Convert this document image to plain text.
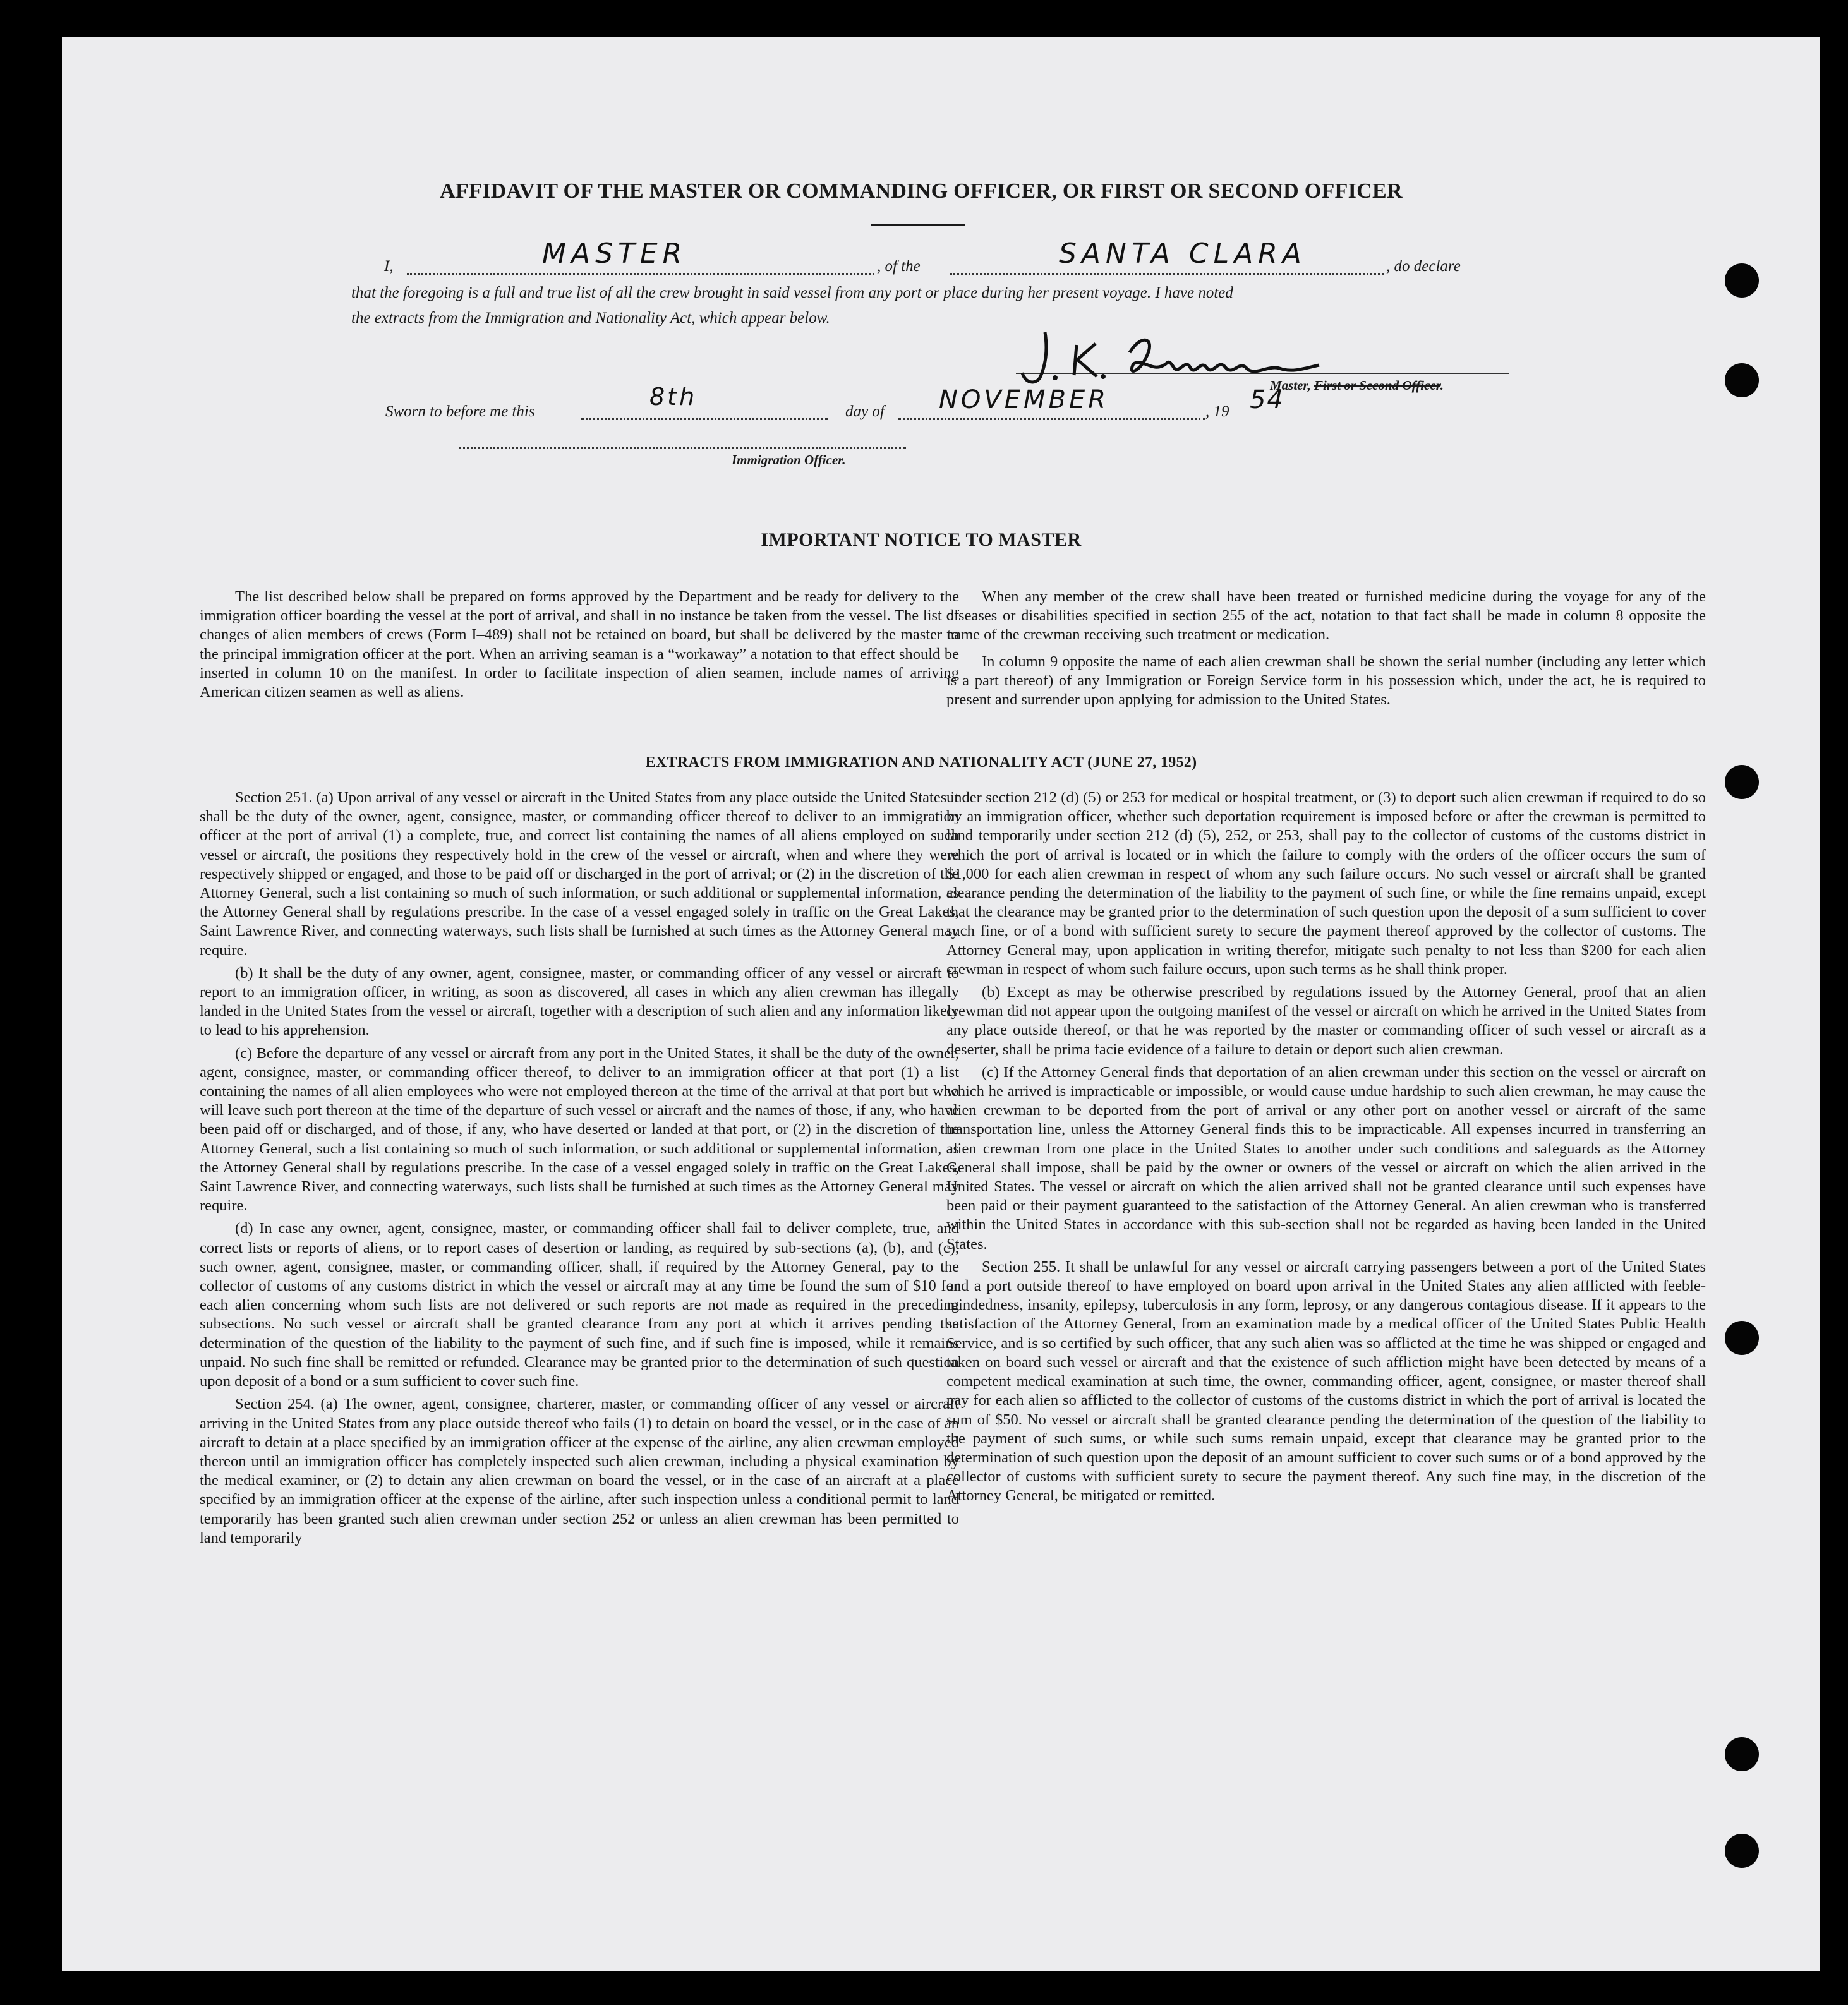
AFFIDAVIT OF THE MASTER OR COMMANDING OFFICER, OR FIRST OR SECOND OFFICER
I,	MASTER	, of the	SANTA CLARA	, do declare
that the foregoing is a full and true list of all the crew brought in said vessel from any port or place during her present voyage. I have noted
the extracts from the Immigration and Nationality Act, which appear below.
Master, First or Second Officer.
Sworn to before me this
8th
day of NOVEMBER	, 19 54
Immigration Officer.
IMPORTANT NOTICE TO MASTER

The list described below shall be prepared on forms approved by the Department and be ready for delivery to the immigration officer boarding the vessel at the port of arrival, and shall in no instance be taken from the vessel. The list of changes of alien members of crews (Form I–489) shall not be retained on board, but shall be delivered by the master to the principal immigration officer at the port. When an arriving seaman is a “workaway” a notation to that effect should be inserted in column 10 on the manifest. In order to facilitate inspection of alien seamen, include names of arriving American citizen seamen as well as aliens.

When any member of the crew shall have been treated or furnished medicine during the voyage for any of the diseases or disabilities specified in section 255 of the act, notation to that fact shall be made in column 8 opposite the name of the crewman receiving such treatment or medication.

In column 9 opposite the name of each alien crewman shall be shown the serial number (including any letter which is a part thereof) of any Immigration or Foreign Service form in his possession which, under the act, he is required to present and surrender upon applying for admission to the United States.

EXTRACTS FROM IMMIGRATION AND NATIONALITY ACT (JUNE 27, 1952)

Section 251. (a) Upon arrival of any vessel or aircraft in the United States from any place outside the United States it shall be the duty of the owner, agent, consignee, master, or commanding officer thereof to deliver to an immigration officer at the port of arrival (1) a complete, true, and correct list containing the names of all aliens employed on such vessel or aircraft, the positions they respectively hold in the crew of the vessel or aircraft, when and where they were respectively shipped or engaged, and those to be paid off or discharged in the port of arrival; or (2) in the discretion of the Attorney General, such a list containing so much of such information, or such additional or supplemental information, as the Attorney General shall by regulations prescribe. In the case of a vessel engaged solely in traffic on the Great Lakes, Saint Lawrence River, and connecting waterways, such lists shall be furnished at such times as the Attorney General may require.

(b) It shall be the duty of any owner, agent, consignee, master, or commanding officer of any vessel or aircraft to report to an immigration officer, in writing, as soon as discovered, all cases in which any alien crewman has illegally landed in the United States from the vessel or aircraft, together with a description of such alien and any information likely to lead to his apprehension.

(c) Before the departure of any vessel or aircraft from any port in the United States, it shall be the duty of the owner, agent, consignee, master, or commanding officer thereof, to deliver to an immigration officer at that port (1) a list containing the names of all alien employees who were not employed thereon at the time of the arrival at that port but who will leave such port thereon at the time of the departure of such vessel or aircraft and the names of those, if any, who have been paid off or discharged, and of those, if any, who have deserted or landed at that port, or (2) in the discretion of the Attorney General, such a list containing so much of such information, or such additional or supplemental information, as the Attorney General shall by regulations prescribe. In the case of a vessel engaged solely in traffic on the Great Lakes, Saint Lawrence River, and connecting waterways, such lists shall be furnished at such times as the Attorney General may require.

(d) In case any owner, agent, consignee, master, or commanding officer shall fail to deliver complete, true, and correct lists or reports of aliens, or to report cases of desertion or landing, as required by sub-sections (a), (b), and (c), such owner, agent, consignee, master, or commanding officer, shall, if required by the Attorney General, pay to the collector of customs of any customs district in which the vessel or aircraft may at any time be found the sum of $10 for each alien concerning whom such lists are not delivered or such reports are not made as required in the preceding subsections. No such vessel or aircraft shall be granted clearance from any port at which it arrives pending the determination of the question of the liability to the payment of such fine, and if such fine is imposed, while it remains unpaid. No such fine shall be remitted or refunded. Clearance may be granted prior to the determination of such question upon deposit of a bond or a sum sufficient to cover such fine.

Section 254. (a) The owner, agent, consignee, charterer, master, or commanding officer of any vessel or aircraft arriving in the United States from any place outside thereof who fails (1) to detain on board the vessel, or in the case of an aircraft to detain at a place specified by an immigration officer at the expense of the airline, any alien crewman employed thereon until an immigration officer has completely inspected such alien crewman, including a physical examination by the medical examiner, or (2) to detain any alien crewman on board the vessel, or in the case of an aircraft at a place specified by an immigration officer at the expense of the airline, after such inspection unless a conditional permit to land temporarily has been granted such alien crewman under section 252 or unless an alien crewman has been permitted to land temporarily

under section 212 (d) (5) or 253 for medical or hospital treatment, or (3) to deport such alien crewman if required to do so by an immigration officer, whether such deportation requirement is imposed before or after the crewman is permitted to land temporarily under section 212 (d) (5), 252, or 253, shall pay to the collector of customs of the customs district in which the port of arrival is located or in which the failure to comply with the orders of the officer occurs the sum of $1,000 for each alien crewman in respect of whom any such failure occurs. No such vessel or aircraft shall be granted clearance pending the determination of the liability to the payment of such fine, or while the fine remains unpaid, except that the clearance may be granted prior to the determination of such question upon the deposit of a sum sufficient to cover such fine, or of a bond with sufficient surety to secure the payment thereof approved by the collector of customs. The Attorney General may, upon application in writing therefor, mitigate such penalty to not less than $200 for each alien crewman in respect of whom such failure occurs, upon such terms as he shall think proper.

(b) Except as may be otherwise prescribed by regulations issued by the Attorney General, proof that an alien crewman did not appear upon the outgoing manifest of the vessel or aircraft on which he arrived in the United States from any place outside thereof, or that he was reported by the master or commanding officer of such vessel or aircraft as a deserter, shall be prima facie evidence of a failure to detain or deport such alien crewman.

(c) If the Attorney General finds that deportation of an alien crewman under this section on the vessel or aircraft on which he arrived is impracticable or impossible, or would cause undue hardship to such alien crewman, he may cause the alien crewman to be deported from the port of arrival or any other port on another vessel or aircraft of the same transportation line, unless the Attorney General finds this to be impracticable. All expenses incurred in transferring an alien crewman from one place in the United States to another under such conditions and safeguards as the Attorney General shall impose, shall be paid by the owner or owners of the vessel or aircraft on which the alien arrived in the United States. The vessel or aircraft on which the alien arrived shall not be granted clearance until such expenses have been paid or their payment guaranteed to the satisfaction of the Attorney General. An alien crewman who is transferred within the United States in accordance with this sub-section shall not be regarded as having been landed in the United States.

Section 255. It shall be unlawful for any vessel or aircraft carrying passengers between a port of the United States and a port outside thereof to have employed on board upon arrival in the United States any alien afflicted with feeble-mindedness, insanity, epilepsy, tuberculosis in any form, leprosy, or any dangerous contagious disease. If it appears to the satisfaction of the Attorney General, from an examination made by a medical officer of the United States Public Health Service, and is so certified by such officer, that any such alien was so afflicted at the time he was shipped or engaged and taken on board such vessel or aircraft and that the existence of such affliction might have been detected by means of a competent medical examination at such time, the owner, commanding officer, agent, consignee, or master thereof shall pay for each alien so afflicted to the collector of customs of the customs district in which the port of arrival is located the sum of $50. No vessel or aircraft shall be granted clearance pending the determination of the question of the liability to the payment of such sums, or while such sums remain unpaid, except that clearance may be granted prior to the determination of such question upon the deposit of an amount sufficient to cover such sums or of a bond approved by the collector of customs with sufficient surety to secure the payment thereof. Any such fine may, in the discretion of the Attorney General, be mitigated or remitted.
